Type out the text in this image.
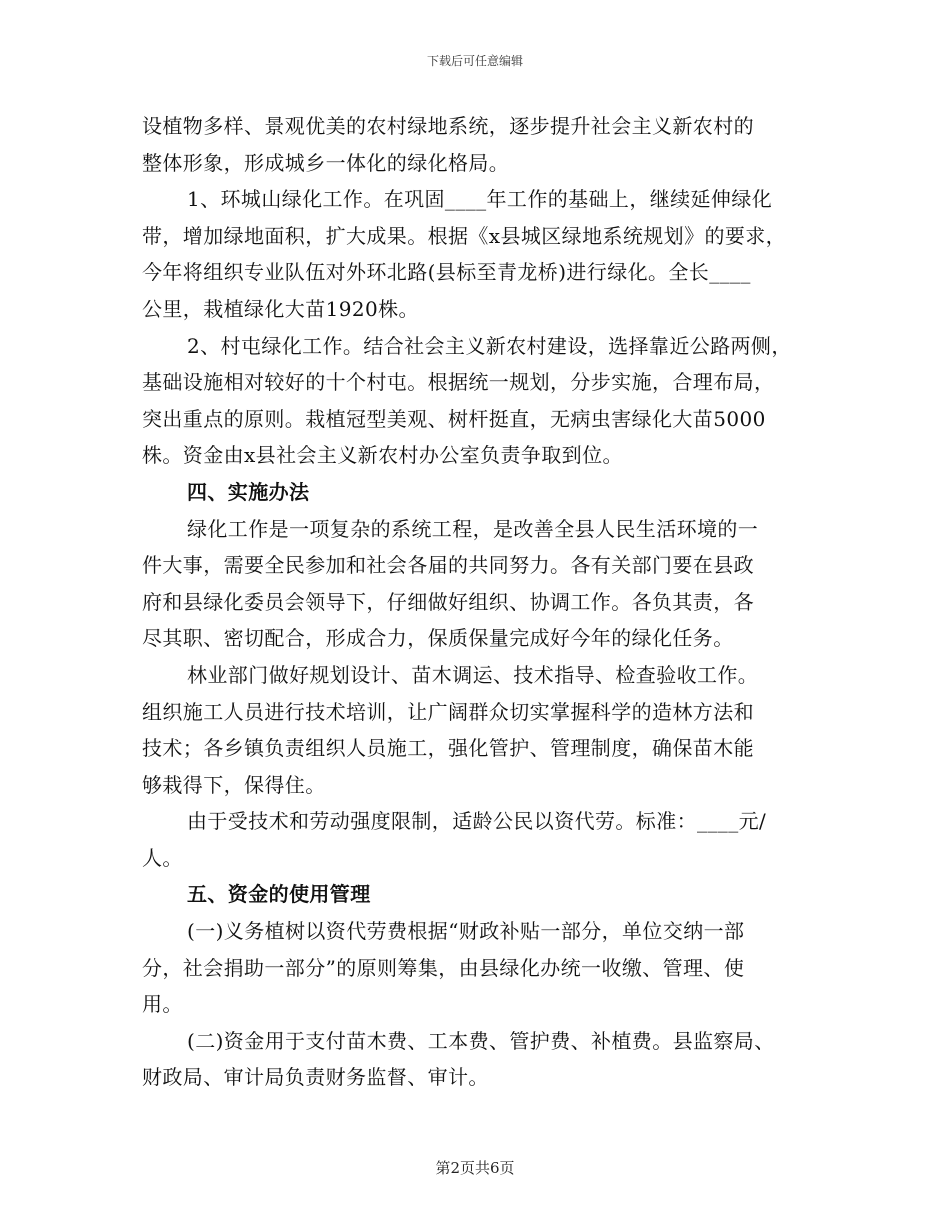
下载后可任意编辑
设植物多样、景观优美的农村绿地系统，逐步提升社会主义新农村的
整体形象，形成城乡一体化的绿化格局。
1、环城山绿化工作。在巩固____年工作的基础上，继续延伸绿化
带，增加绿地面积，扩大成果。根据《x县城区绿地系统规划》的要求，
今年将组织专业队伍对外环北路(县标至青龙桥)进行绿化。全长____
公里，栽植绿化大苗1920株。
2、村屯绿化工作。结合社会主义新农村建设，选择靠近公路两侧，
基础设施相对较好的十个村屯。根据统一规划，分步实施，合理布局，
突出重点的原则。栽植冠型美观、树杆挺直，无病虫害绿化大苗5000
株。资金由x县社会主义新农村办公室负责争取到位。
四、实施办法
绿化工作是一项复杂的系统工程，是改善全县人民生活环境的一
件大事，需要全民参加和社会各届的共同努力。各有关部门要在县政
府和县绿化委员会领导下，仔细做好组织、协调工作。各负其责，各
尽其职、密切配合，形成合力，保质保量完成好今年的绿化任务。
林业部门做好规划设计、苗木调运、技术指导、检查验收工作。
组织施工人员进行技术培训，让广阔群众切实掌握科学的造林方法和
技术；各乡镇负责组织人员施工，强化管护、管理制度，确保苗木能
够栽得下，保得住。
由于受技术和劳动强度限制，适龄公民以资代劳。标准：____元/
人。
五、资金的使用管理
(一)义务植树以资代劳费根据“财政补贴一部分，单位交纳一部
分，社会捐助一部分”的原则筹集，由县绿化办统一收缴、管理、使
用。
(二)资金用于支付苗木费、工本费、管护费、补植费。县监察局、
财政局、审计局负责财务监督、审计。
第2页共6页
